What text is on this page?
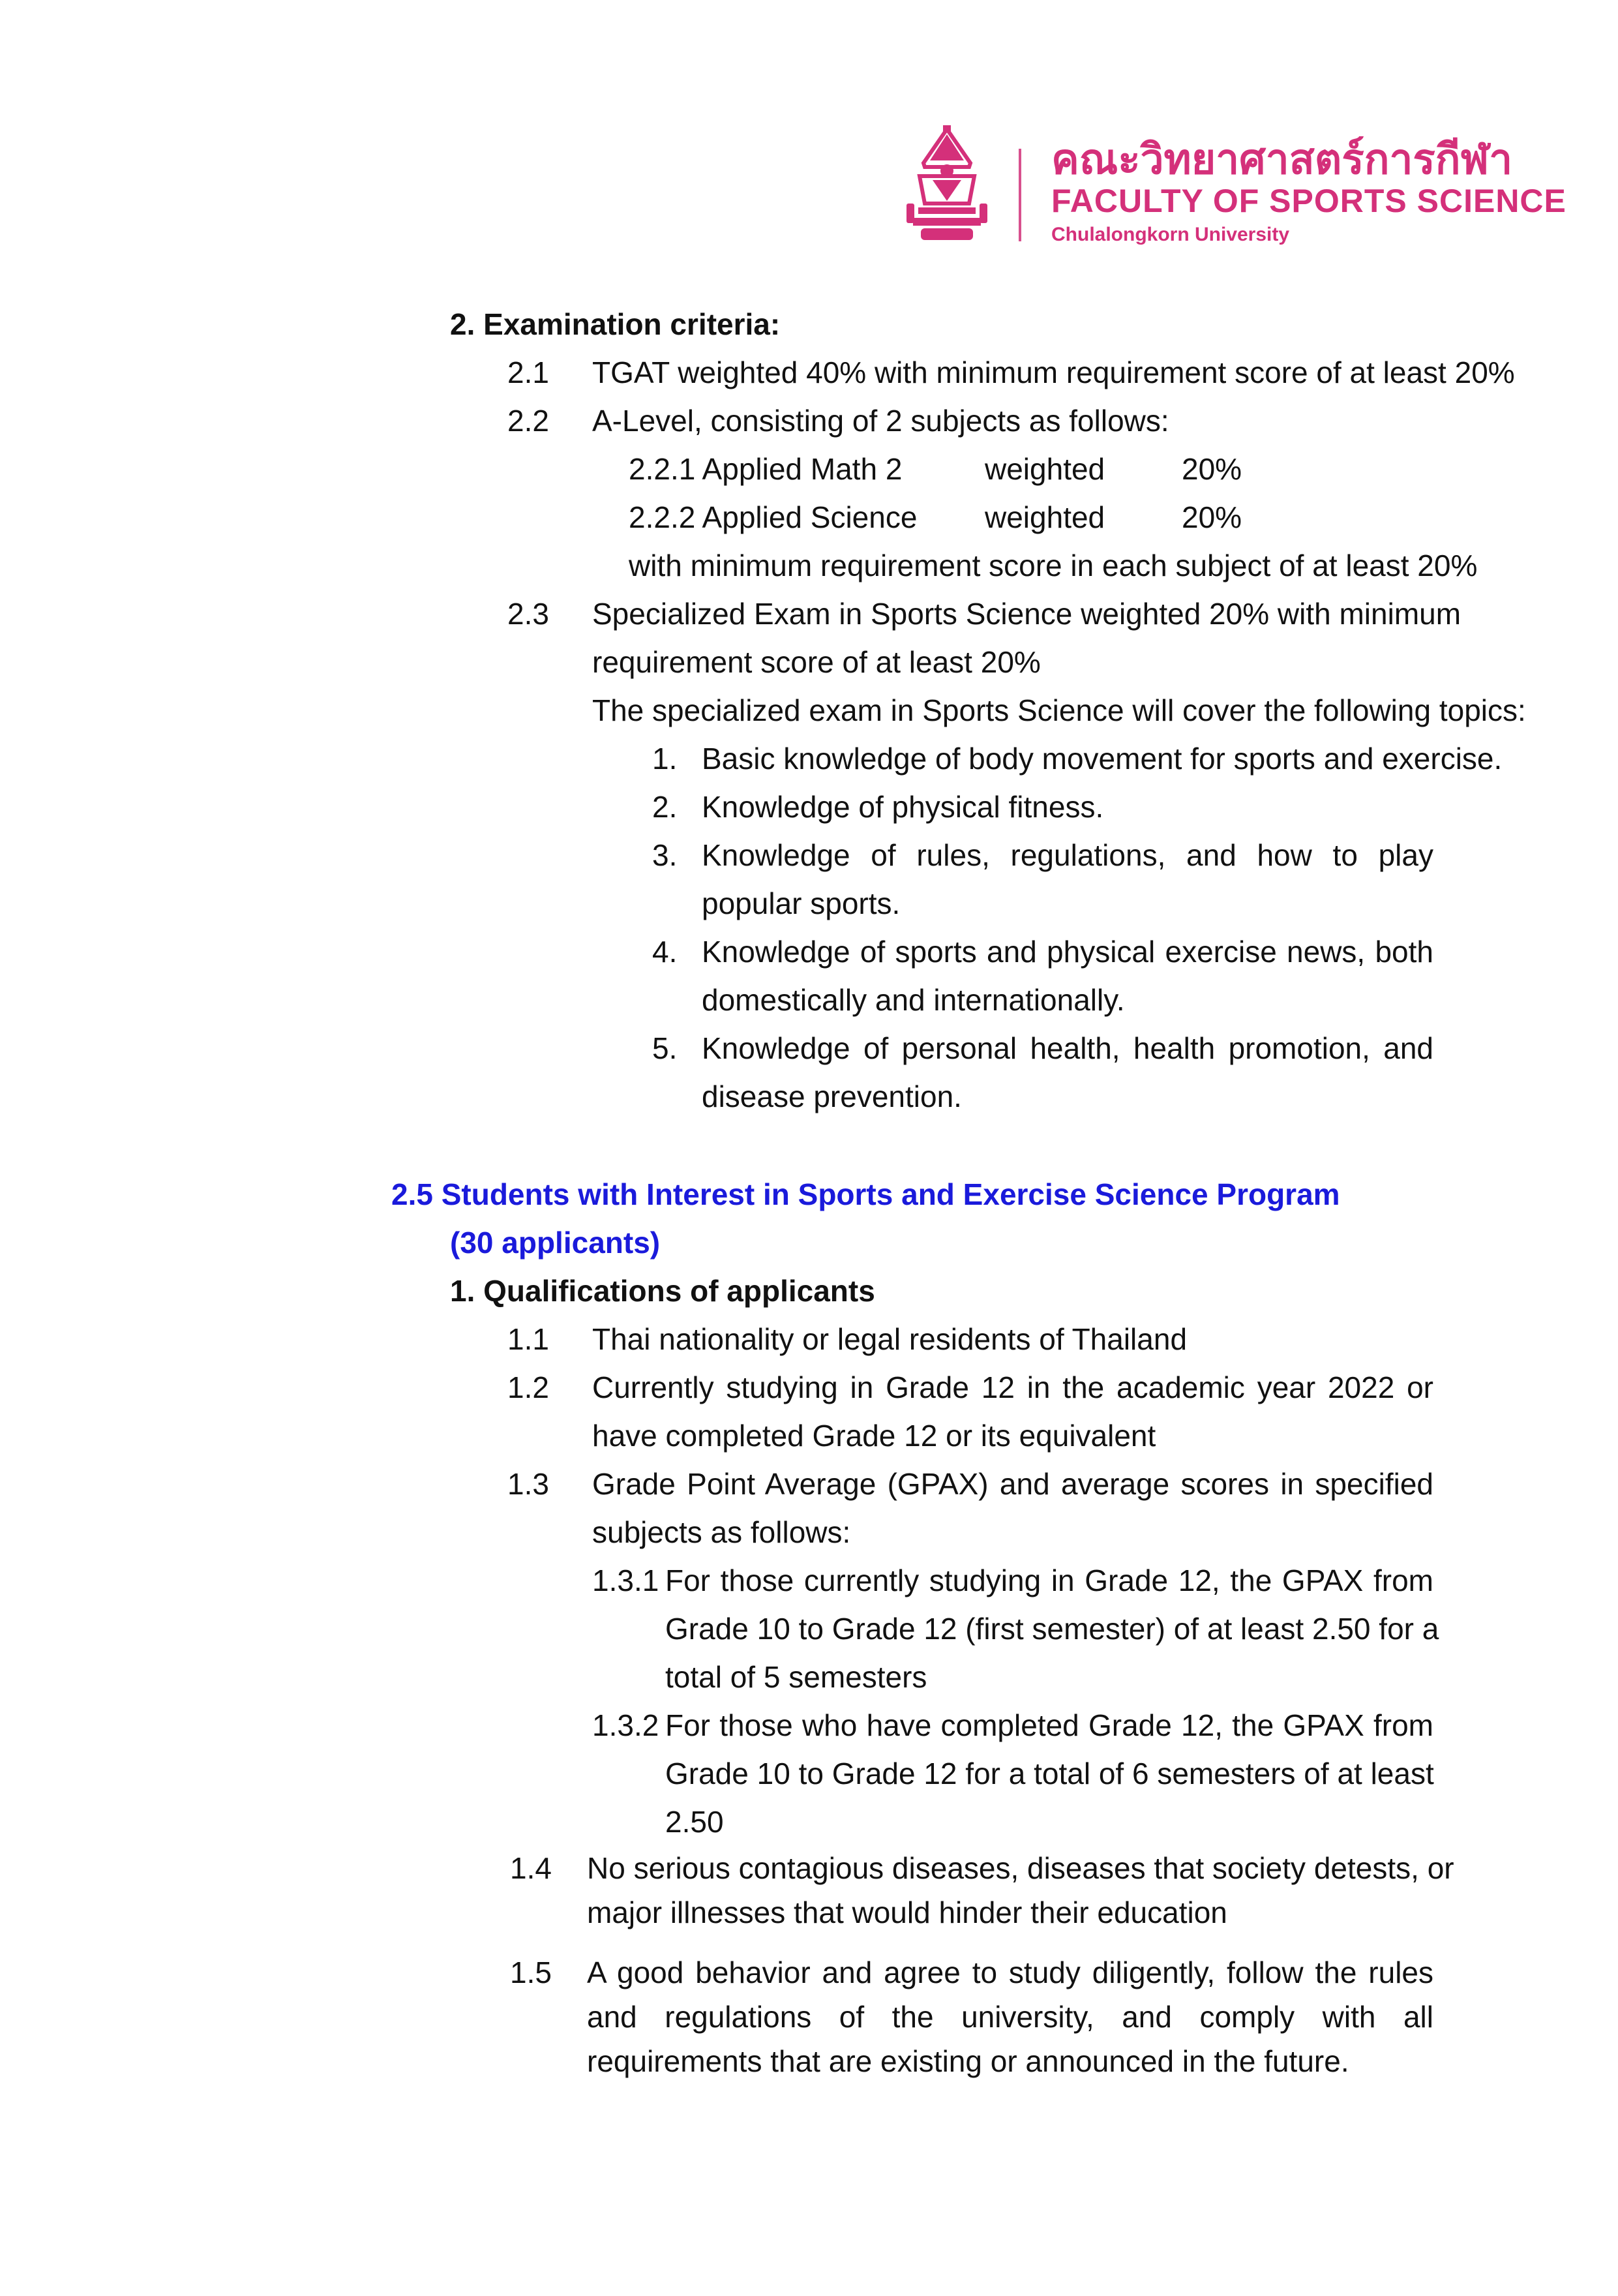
คณะวิทยาศาสตร์การกีฬา
FACULTY OF SPORTS SCIENCE
Chulalongkorn University
2. Examination criteria:
2.1 TGAT weighted 40% with minimum requirement score of at least 20%
2.2 A-Level, consisting of 2 subjects as follows:
2.2.1 Applied Math 2	weighted	20%
2.2.2 Applied Science weighted	20%
with minimum requirement score in each subject of at least 20%
2.3 Specialized Exam in Sports Science weighted 20% with minimum
requirement score of at least 20%
The specialized exam in Sports Science will cover the following topics:
1. Basic knowledge of body movement for sports and exercise.
2. Knowledge of physical fitness.
3. Knowledge of rules, regulations, and how to play
popular sports.
4. Knowledge of sports and physical exercise news, both
domestically and internationally.
5. Knowledge of personal health, health promotion, and
disease prevention.
2.5 Students with Interest in Sports and Exercise Science Program
(30 applicants)
1. Qualifications of applicants
1.1 Thai nationality or legal residents of Thailand
1.2 Currently studying in Grade 12 in the academic year 2022 or
have completed Grade 12 or its equivalent
1.3 Grade Point Average (GPAX) and average scores in specified
subjects as follows:
1.3.1 For those currently studying in Grade 12, the GPAX from
Grade 10 to Grade 12 (first semester) of at least 2.50 for a
total of 5 semesters
1.3.2 For those who have completed Grade 12, the GPAX from
Grade 10 to Grade 12 for a total of 6 semesters of at least
2.50
1.4 No serious contagious diseases, diseases that society detests, or
major illnesses that would hinder their education
1.5 A good behavior and agree to study diligently, follow the rules
and regulations of the university, and comply with all
requirements that are existing or announced in the future.
